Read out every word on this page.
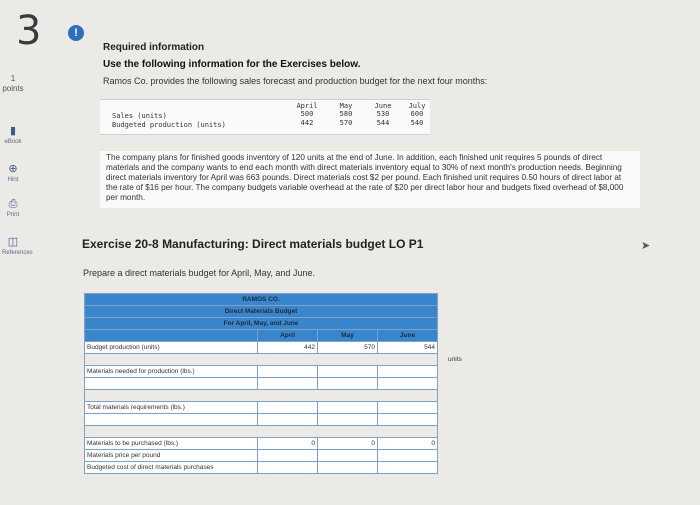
3	!
1
points
▮
eBook
⊕
Hint
⎙
Print
◫
References
Required information
Use the following information for the Exercises below.
Ramos Co. provides the following sales forecast and production budget for the next four months:
April	May	June	July
Sales (units)	500	580	530	600
Budgeted production (units)	442	570	544	540
The company plans for finished goods inventory of 120 units at the end of June. In addition, each finished unit requires 5 pounds of direct materials and the company wants to end each month with direct materials inventory equal to 30% of next month's production needs. Beginning direct materials inventory for April was 663 pounds. Direct materials cost $2 per pound. Each finished unit requires 0.50 hours of direct labor at the rate of $16 per hour. The company budgets variable overhead at the rate of $20 per direct labor hour and budgets fixed overhead of $8,000 per month.
Exercise 20-8 Manufacturing: Direct materials budget LO P1	➤
Prepare a direct materials budget for April, May, and June.
RAMOS CO.			
Direct Materials Budget			
For April, May, and June			
	April	May	June
Budget production (units)	442	570	544

Materials needed for production (lbs.)			

Total materials requirements (lbs.)			

Materials to be purchased (lbs.)	0	0	0
Materials price per pound			
Budgeted cost of direct materials purchases			
units
